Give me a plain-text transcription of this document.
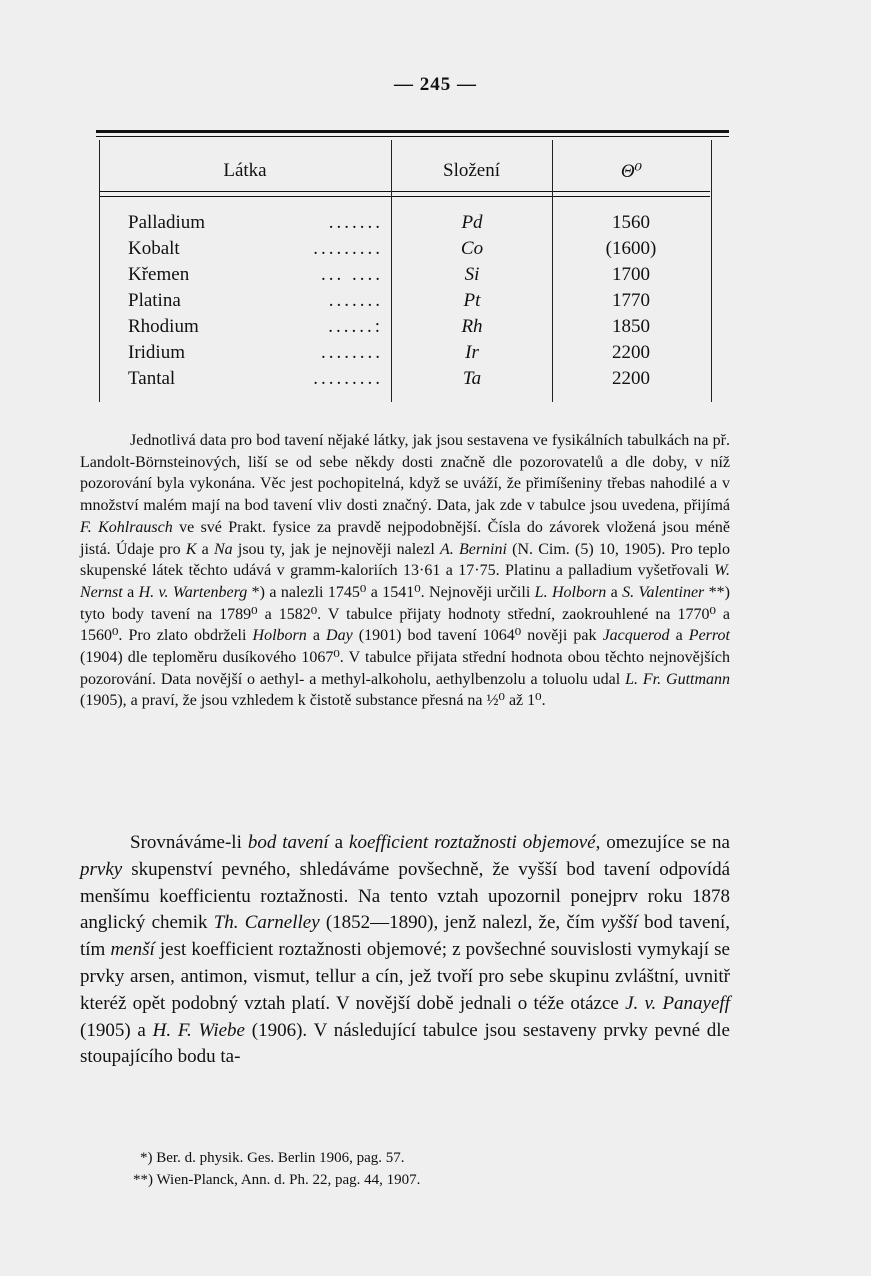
— 245 —
Látka	Složení	Θ⁰
Palladium	.......	Pd	1560
Kobalt	.........	Co	(1600)
Křemen	... ....	Si	1700
Platina	.......	Pt	1770
Rhodium	......:	Rh	1850
Iridium	........	Ir	2200
Tantal	.........	Ta	2200

Jednotlivá data pro bod tavení nějaké látky, jak jsou sestavena ve fysikálních tabulkách na př. Landolt-Börnsteinových, liší se od sebe někdy dosti značně dle pozorovatelů a dle doby, v níž pozorování byla vykonána. Věc jest pochopitelná, když se uváží, že přimíšeniny třebas nahodilé a v množství malém mají na bod tavení vliv dosti značný. Data, jak zde v tabulce jsou uvedena, přijímá F. Kohlrausch ve své Prakt. fysice za pravdě nejpodobnější. Čísla do závorek vložená jsou méně jistá. Údaje pro K a Na jsou ty, jak je nejnověji nalezl A. Bernini (N. Cim. (5) 10, 1905). Pro teplo skupenské látek těchto udává v gramm-kaloriích 13·61 a 17·75. Platinu a palladium vyšetřovali W. Nernst a H. v. Wartenberg *) a nalezli 1745⁰ a 1541⁰. Nejnověji určili L. Holborn a S. Valentiner **) tyto body tavení na 1789⁰ a 1582⁰. V tabulce přijaty hodnoty střední, zaokrouhlené na 1770⁰ a 1560⁰. Pro zlato obdrželi Holborn a Day (1901) bod tavení 1064⁰ nověji pak Jacquerod a Perrot (1904) dle teploměru dusíkového 1067⁰. V tabulce přijata střední hodnota obou těchto nejnovějších pozorování. Data novější o aethyl- a methyl-alkoholu, aethylbenzolu a toluolu udal L. Fr. Guttmann (1905), a praví, že jsou vzhledem k čistotě substance přesná na ½⁰ až 1⁰.

Srovnáváme-li bod tavení a koefficient roztažnosti objemové, omezujíce se na prvky skupenství pevného, shledáváme povšechně, že vyšší bod tavení odpovídá menšímu koefficientu roztažnosti. Na tento vztah upozornil ponejprv roku 1878 anglický chemik Th. Carnelley (1852—1890), jenž nalezl, že, čím vyšší bod tavení, tím menší jest koefficient roztažnosti objemové; z povšechné souvislosti vymykají se prvky arsen, antimon, vismut, tellur a cín, jež tvoří pro sebe skupinu zvláštní, uvnitř kteréž opět podobný vztah platí. V novější době jednali o téže otázce J. v. Panayeff (1905) a H. F. Wiebe (1906). V následující tabulce jsou sestaveny prvky pevné dle stoupajícího bodu ta-

*) Ber. d. physik. Ges. Berlin 1906, pag. 57.
**) Wien-Planck, Ann. d. Ph. 22, pag. 44, 1907.
